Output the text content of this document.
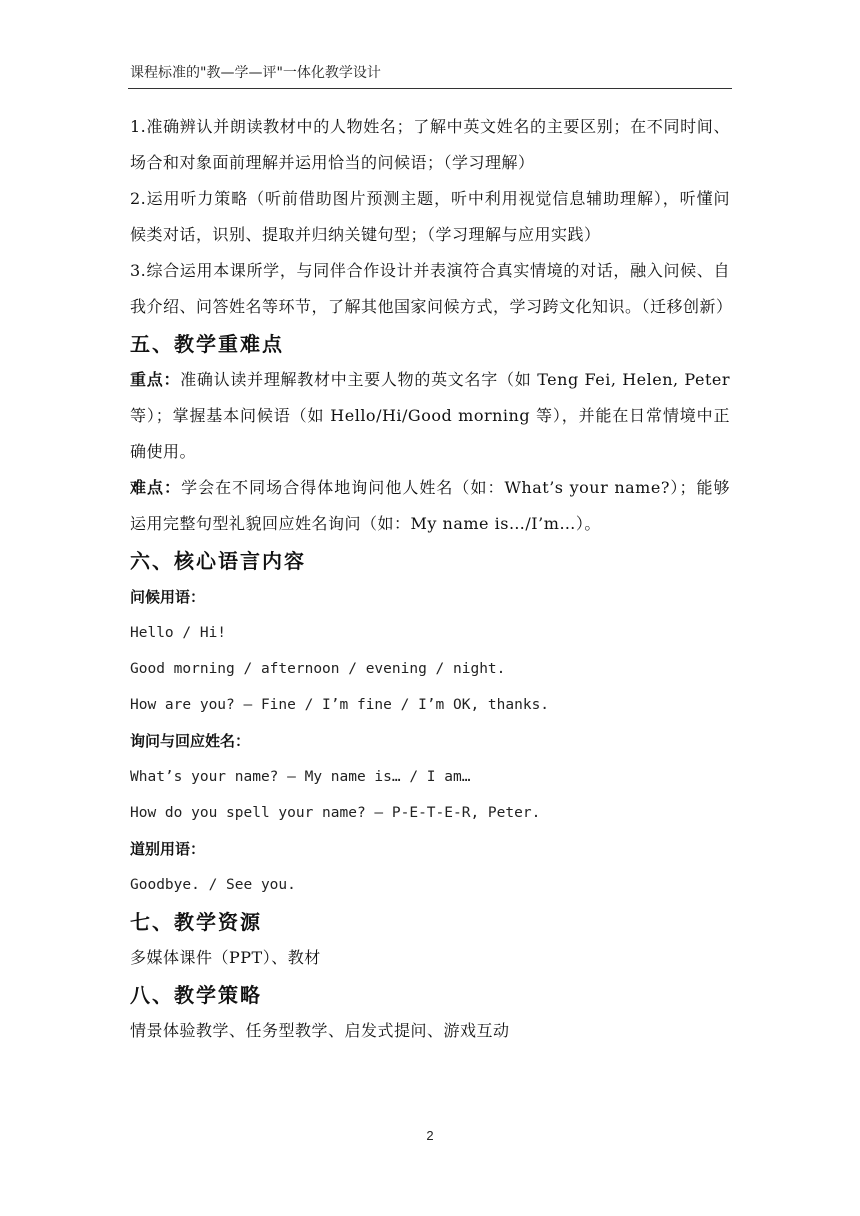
课程标准的"教—学—评"一体化教学设计

1.准确辨认并朗读教材中的人物姓名；了解中英文姓名的主要区别；在不同时间、场合和对象面前理解并运用恰当的问候语；（学习理解）

2.运用听力策略（听前借助图片预测主题，听中利用视觉信息辅助理解），听懂问候类对话，识别、提取并归纳关键句型；（学习理解与应用实践）

3.综合运用本课所学，与同伴合作设计并表演符合真实情境的对话，融入问候、自我介绍、问答姓名等环节，了解其他国家问候方式，学习跨文化知识。（迁移创新）

五、教学重难点

重点：准确认读并理解教材中主要人物的英文名字（如 Teng Fei, Helen, Peter 等）；掌握基本问候语（如 Hello/Hi/Good morning 等），并能在日常情境中正确使用。

难点：学会在不同场合得体地询问他人姓名（如：What’s your name?）；能够运用完整句型礼貌回应姓名询问（如：My name is…/I’m…）。

六、核心语言内容

问候用语：

Hello / Hi!

Good morning / afternoon / evening / night.

How are you? — Fine / I’m fine / I’m OK, thanks.

询问与回应姓名：

What’s your name? — My name is… / I am…

How do you spell your name? — P-E-T-E-R, Peter.

道别用语：

Goodbye. / See you.

七、教学资源

多媒体课件（PPT）、教材

八、教学策略

情景体验教学、任务型教学、启发式提问、游戏互动

2
